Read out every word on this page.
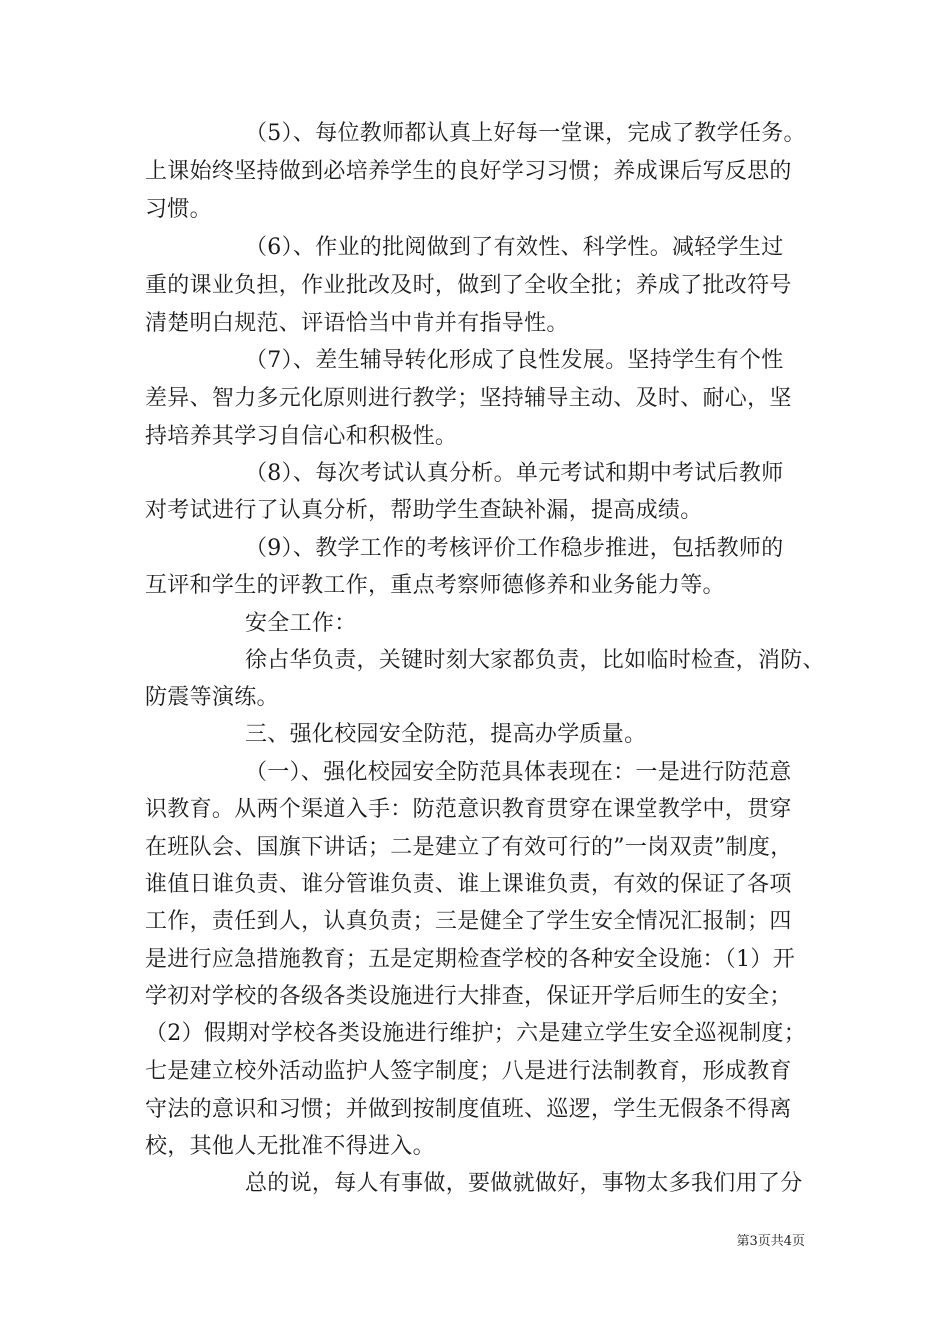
（5）、每位教师都认真上好每一堂课，完成了教学任务。
上课始终坚持做到必培养学生的良好学习习惯；养成课后写反思的
习惯。
（6）、作业的批阅做到了有效性、科学性。减轻学生过
重的课业负担，作业批改及时，做到了全收全批；养成了批改符号
清楚明白规范、评语恰当中肯并有指导性。
（7）、差生辅导转化形成了良性发展。坚持学生有个性
差异、智力多元化原则进行教学；坚持辅导主动、及时、耐心，坚
持培养其学习自信心和积极性。
（8）、每次考试认真分析。单元考试和期中考试后教师
对考试进行了认真分析，帮助学生查缺补漏，提高成绩。
（9）、教学工作的考核评价工作稳步推进，包括教师的
互评和学生的评教工作，重点考察师德修养和业务能力等。
安全工作：
徐占华负责，关键时刻大家都负责，比如临时检查，消防、
防震等演练。
三、强化校园安全防范，提高办学质量。
（一）、强化校园安全防范具体表现在：一是进行防范意
识教育。从两个渠道入手：防范意识教育贯穿在课堂教学中，贯穿
在班队会、国旗下讲话；二是建立了有效可行的”一岗双责”制度，
谁值日谁负责、谁分管谁负责、谁上课谁负责，有效的保证了各项
工作，责任到人，认真负责；三是健全了学生安全情况汇报制；四
是进行应急措施教育；五是定期检查学校的各种安全设施：（1）开
学初对学校的各级各类设施进行大排查，保证开学后师生的安全；
（2）假期对学校各类设施进行维护；六是建立学生安全巡视制度；
七是建立校外活动监护人签字制度；八是进行法制教育，形成教育
守法的意识和习惯；并做到按制度值班、巡逻，学生无假条不得离
校，其他人无批准不得进入。
总的说，每人有事做，要做就做好，事物太多我们用了分
第3页共4页
